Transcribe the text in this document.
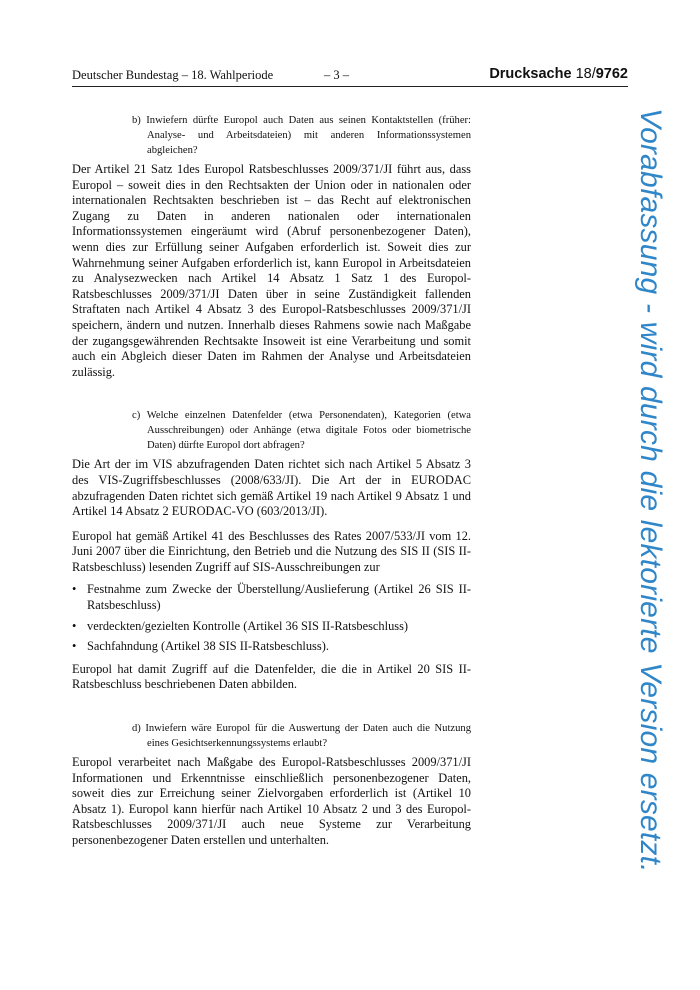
Deutscher Bundestag – 18. Wahlperiode	– 3 –	Drucksache 18/9762
b) Inwiefern dürfte Europol auch Daten aus seinen Kontaktstellen (früher: Analyse- und Arbeitsdateien) mit anderen Informationssystemen abgleichen?

Der Artikel 21 Satz 1des Europol Ratsbeschlusses 2009/371/JI führt aus, dass Europol – soweit dies in den Rechtsakten der Union oder in nationalen oder internationalen Rechtsakten beschrieben ist – das Recht auf elektronischen Zugang zu Daten in anderen nationalen oder internationalen Informationssystemen eingeräumt wird (Abruf personenbezogener Daten), wenn dies zur Erfüllung seiner Aufgaben erforderlich ist. Soweit dies zur Wahrnehmung seiner Aufgaben erforderlich ist, kann Europol in Arbeitsdateien zu Analysezwecken nach Artikel 14 Absatz 1 Satz 1 des Europol-Ratsbeschlusses 2009/371/JI Daten über in seine Zuständigkeit fallenden Straftaten nach Artikel 4 Absatz 3 des Europol-Ratsbeschlusses 2009/371/JI speichern, ändern und nutzen. Innerhalb dieses Rahmens sowie nach Maßgabe der zugangsgewährenden Rechtsakte Insoweit ist eine Verarbeitung und somit auch ein Abgleich dieser Daten im Rahmen der Analyse und Arbeitsdateien zulässig.

c) Welche einzelnen Datenfelder (etwa Personendaten), Kategorien (etwa Ausschreibungen) oder Anhänge (etwa digitale Fotos oder biometrische Daten) dürfte Europol dort abfragen?

Die Art der im VIS abzufragenden Daten richtet sich nach Artikel 5 Absatz 3 des VIS-Zugriffsbeschlusses (2008/633/JI). Die Art der in EURODAC abzufragenden Daten richtet sich gemäß Artikel 19 nach Artikel 9 Absatz 1 und Artikel 14 Absatz 2 EURODAC-VO (603/2013/JI).

Europol hat gemäß Artikel 41 des Beschlusses des Rates 2007/533/JI vom 12. Juni 2007 über die Einrichtung, den Betrieb und die Nutzung des SIS II (SIS II-Ratsbeschluss) lesenden Zugriff auf SIS-Ausschreibungen zur

• Festnahme zum Zwecke der Überstellung/Auslieferung (Artikel 26 SIS II-Ratsbeschluss)
• verdeckten/gezielten Kontrolle (Artikel 36 SIS II-Ratsbeschluss)
• Sachfahndung (Artikel 38 SIS II-Ratsbeschluss).

Europol hat damit Zugriff auf die Datenfelder, die die in Artikel 20 SIS II-Ratsbeschluss beschriebenen Daten abbilden.

d) Inwiefern wäre Europol für die Auswertung der Daten auch die Nutzung eines Gesichtserkennungssystems erlaubt?

Europol verarbeitet nach Maßgabe des Europol-Ratsbeschlusses 2009/371/JI Informationen und Erkenntnisse einschließlich personenbezogener Daten, soweit dies zur Erreichung seiner Zielvorgaben erforderlich ist (Artikel 10 Absatz 1). Europol kann hierfür nach Artikel 10 Absatz 2 und 3 des Europol-Ratsbeschlusses 2009/371/JI auch neue Systeme zur Verarbeitung personenbezogener Daten erstellen und unterhalten.	Vorabfassung - wird durch die lektorierte Version ersetzt.
